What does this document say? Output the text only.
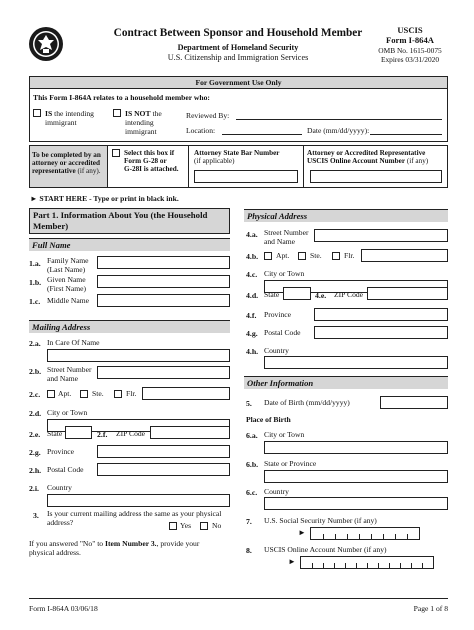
Contract Between Sponsor and Household Member
Department of Homeland Security
U.S. Citizenship and Immigration Services
USCIS
Form I-864A
OMB No. 1615-0075
Expires 03/31/2020
For Government Use Only
This Form I-864A relates to a household member who:
IS the intending
immigrant
IS NOT the
intending
immigrant
Reviewed By:
Location:	Date (mm/dd/yyyy):
To be completed by an
attorney or accredited
representative (if any).
Select this box if
Form G-28 or
G-28I is attached.
Attorney State Bar Number
(if applicable)
Attorney or Accredited Representative
USCIS Online Account Number (if any)
► START HERE - Type or print in black ink.
Part 1. Information About You (the Household
Member)
Full Name
1.a. Family Name
(Last Name)
1.b. Given Name
(First Name)
1.c. Middle Name
Mailing Address
2.a. In Care Of Name
2.b. Street Number
and Name
2.c. Apt.	Ste.	Flr.
2.d. City or Town
2.e. State	2.f. ZIP Code
2.g. Province
2.h. Postal Code
2.i. Country
3. Is your current mailing address the same as your physical
address?	Yes	No
If you answered "No" to Item Number 3., provide your
physical address.
Physical Address
4.a. Street Number
and Name
4.b. Apt.	Ste.	Flr.
4.c. City or Town
4.d. State	4.e. ZIP Code
4.f. Province
4.g. Postal Code
4.h. Country
Other Information
5. Date of Birth (mm/dd/yyyy)
Place of Birth
6.a. City or Town
6.b. State or Province
6.c. Country
7. U.S. Social Security Number (if any)
►
8. USCIS Online Account Number (if any)
►
Form I-864A 03/06/18	Page 1 of 8
